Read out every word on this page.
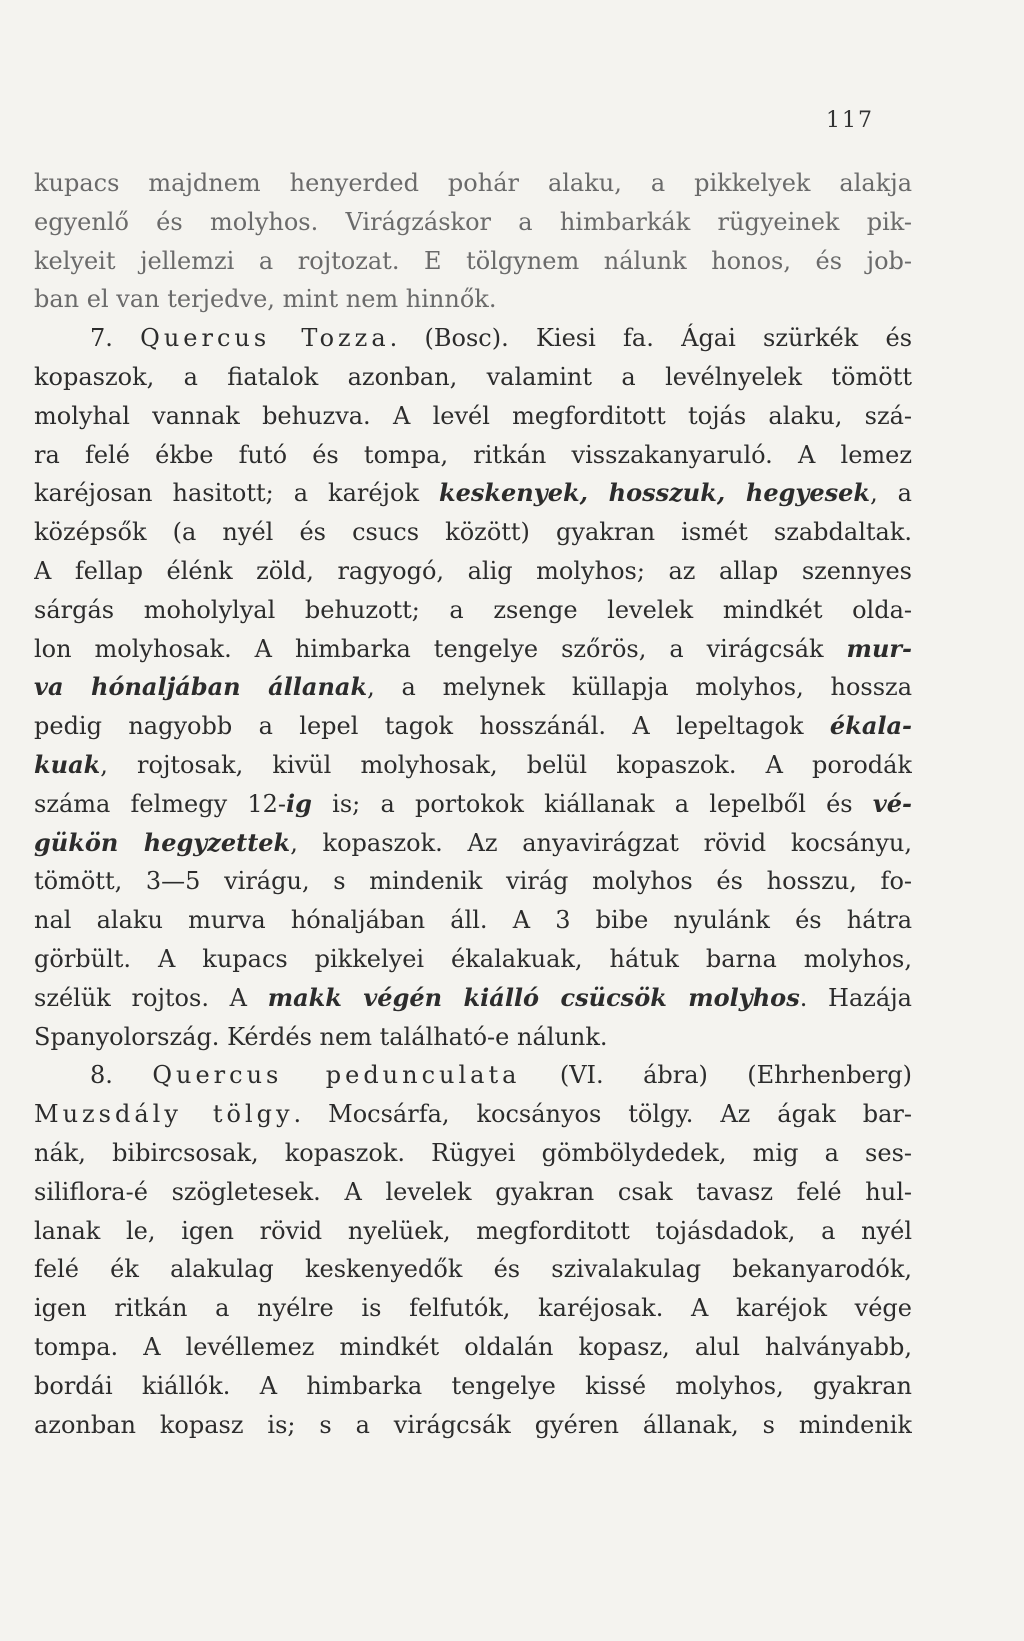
117
kupacs majdnem henyerded pohár alaku, a pikkelyek alakja
egyenlő és molyhos. Virágzáskor a himbarkák rügyeinek pik-
kelyeit jellemzi a rojtozat. E tölgynem nálunk honos, és job-
ban el van terjedve, mint nem hinnők.
7. Quercus Tozza. (Bosc). Kiesi fa. Ágai szürkék és
kopaszok, a fiatalok azonban, valamint a levélnyelek tömött
molyhal vannak behuzva. A levél megforditott tojás alaku, szá-
ra felé ékbe futó és tompa, ritkán visszakanyaruló. A lemez
karéjosan hasitott; a karéjok keskenyek, hosszuk, hegyesek, a
középsők (a nyél és csucs között) gyakran ismét szabdaltak.
A fellap élénk zöld, ragyogó, alig molyhos; az allap szennyes
sárgás moholylyal behuzott; a zsenge levelek mindkét olda-
lon molyhosak. A himbarka tengelye szőrös, a virágcsák mur-
va hónaljában állanak, a melynek küllapja molyhos, hossza
pedig nagyobb a lepel tagok hosszánál. A lepeltagok ékala-
kuak, rojtosak, kivül molyhosak, belül kopaszok. A porodák
száma felmegy 12-ig is; a portokok kiállanak a lepelből és vé-
gükön hegyzettek, kopaszok. Az anyavirágzat rövid kocsányu,
tömött, 3—5 virágu, s mindenik virág molyhos és hosszu, fo-
nal alaku murva hónaljában áll. A 3 bibe nyulánk és hátra
görbült. A kupacs pikkelyei ékalakuak, hátuk barna molyhos,
szélük rojtos. A makk végén kiálló csücsök molyhos. Hazája
Spanyolország. Kérdés nem található-e nálunk.
8. Quercus pedunculata (VI. ábra) (Ehrhenberg)
Muzsdály tölgy. Mocsárfa, kocsányos tölgy. Az ágak bar-
nák, bibircsosak, kopaszok. Rügyei gömbölydedek, mig a ses-
siliflora-é szögletesek. A levelek gyakran csak tavasz felé hul-
lanak le, igen rövid nyelüek, megforditott tojásdadok, a nyél
felé ék alakulag keskenyedők és szivalakulag bekanyarodók,
igen ritkán a nyélre is felfutók, karéjosak. A karéjok vége
tompa. A levéllemez mindkét oldalán kopasz, alul halványabb,
bordái kiállók. A himbarka tengelye kissé molyhos, gyakran
azonban kopasz is; s a virágcsák gyéren állanak, s mindenik
